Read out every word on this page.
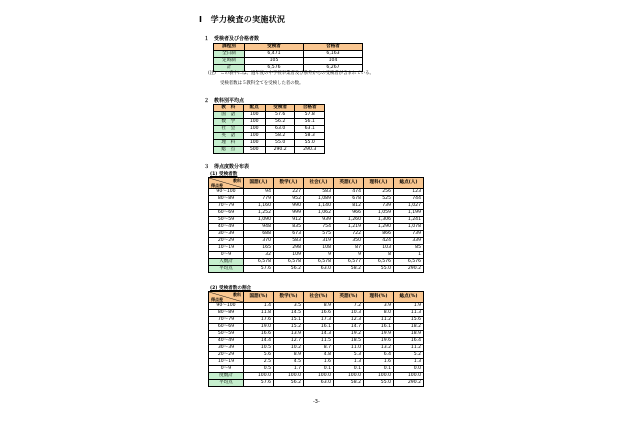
Ⅰ　学力検査の実施状況
１　受検者及び合格者数
課程別	受検者	合格者
全日制	6,471	6,163
定時制	105	104
計	6,576	6,267
(注)　この表中には、過年度の中学校卒業者及び県外からの受検者が含まれている。
受検者数は５教科全てを受検した者の数。
２　教科別平均点
教　科	配点	受検者	合格者
国　語	100	57.6	57.8
数　学	100	56.2	56.1
社　会	100	63.0	63.1
英　語	100	58.2	58.3
理　科	100	55.0	55.0
総　点	500	290.2	290.3
３　得点度数分布表
(1) 受検者数
教科
得点差	国語(人)	数学(人)	社会(人)	英語(人)	理科(人)	総点(人)
90～100	94	227	583	474	256	123
80～89	779	952	1,089	678	525	744
70～79	1,160	990	1,140	812	739	1,027
60～69	1,252	999	1,062	966	1,059	1,199
50～59	1,090	912	939	1,260	1,306	1,241
40～49	948	835	754	1,219	1,290	1,078
30～39	688	673	575	722	866	739
20～29	370	583	319	350	424	339
10～19	165	298	108	87	103	85
0～9	32	109	9	9	8	1
人数計	6,578	6,578	6,578	6,577	6,576	6,576
平均点	57.6	56.2	63.0	58.2	55.0	290.2
(2) 受検者数の割合
教科
得点差	国語(%)	数学(%)	社会(%)	英語(%)	理科(%)	総点(%)
90～100	1.4	3.5	8.9	7.2	3.9	1.9
80～89	11.8	14.5	16.6	10.3	8.0	11.3
70～79	17.6	15.1	17.3	12.3	11.2	15.6
60～69	19.0	15.2	16.1	14.7	16.1	18.2
50～59	16.6	13.9	14.3	19.2	19.9	18.9
40～49	14.4	12.7	11.5	18.5	19.6	16.4
30～39	10.5	10.2	8.7	11.0	13.2	11.2
20～29	5.6	8.9	4.8	5.3	6.4	5.2
10～19	2.5	4.5	1.6	1.3	1.6	1.3
0～9	0.5	1.7	0.1	0.1	0.1	0.0
度数計	100.0	100.0	100.0	100.0	100.0	100.0
平均点	57.6	56.2	63.0	58.2	55.0	290.2
-3-
